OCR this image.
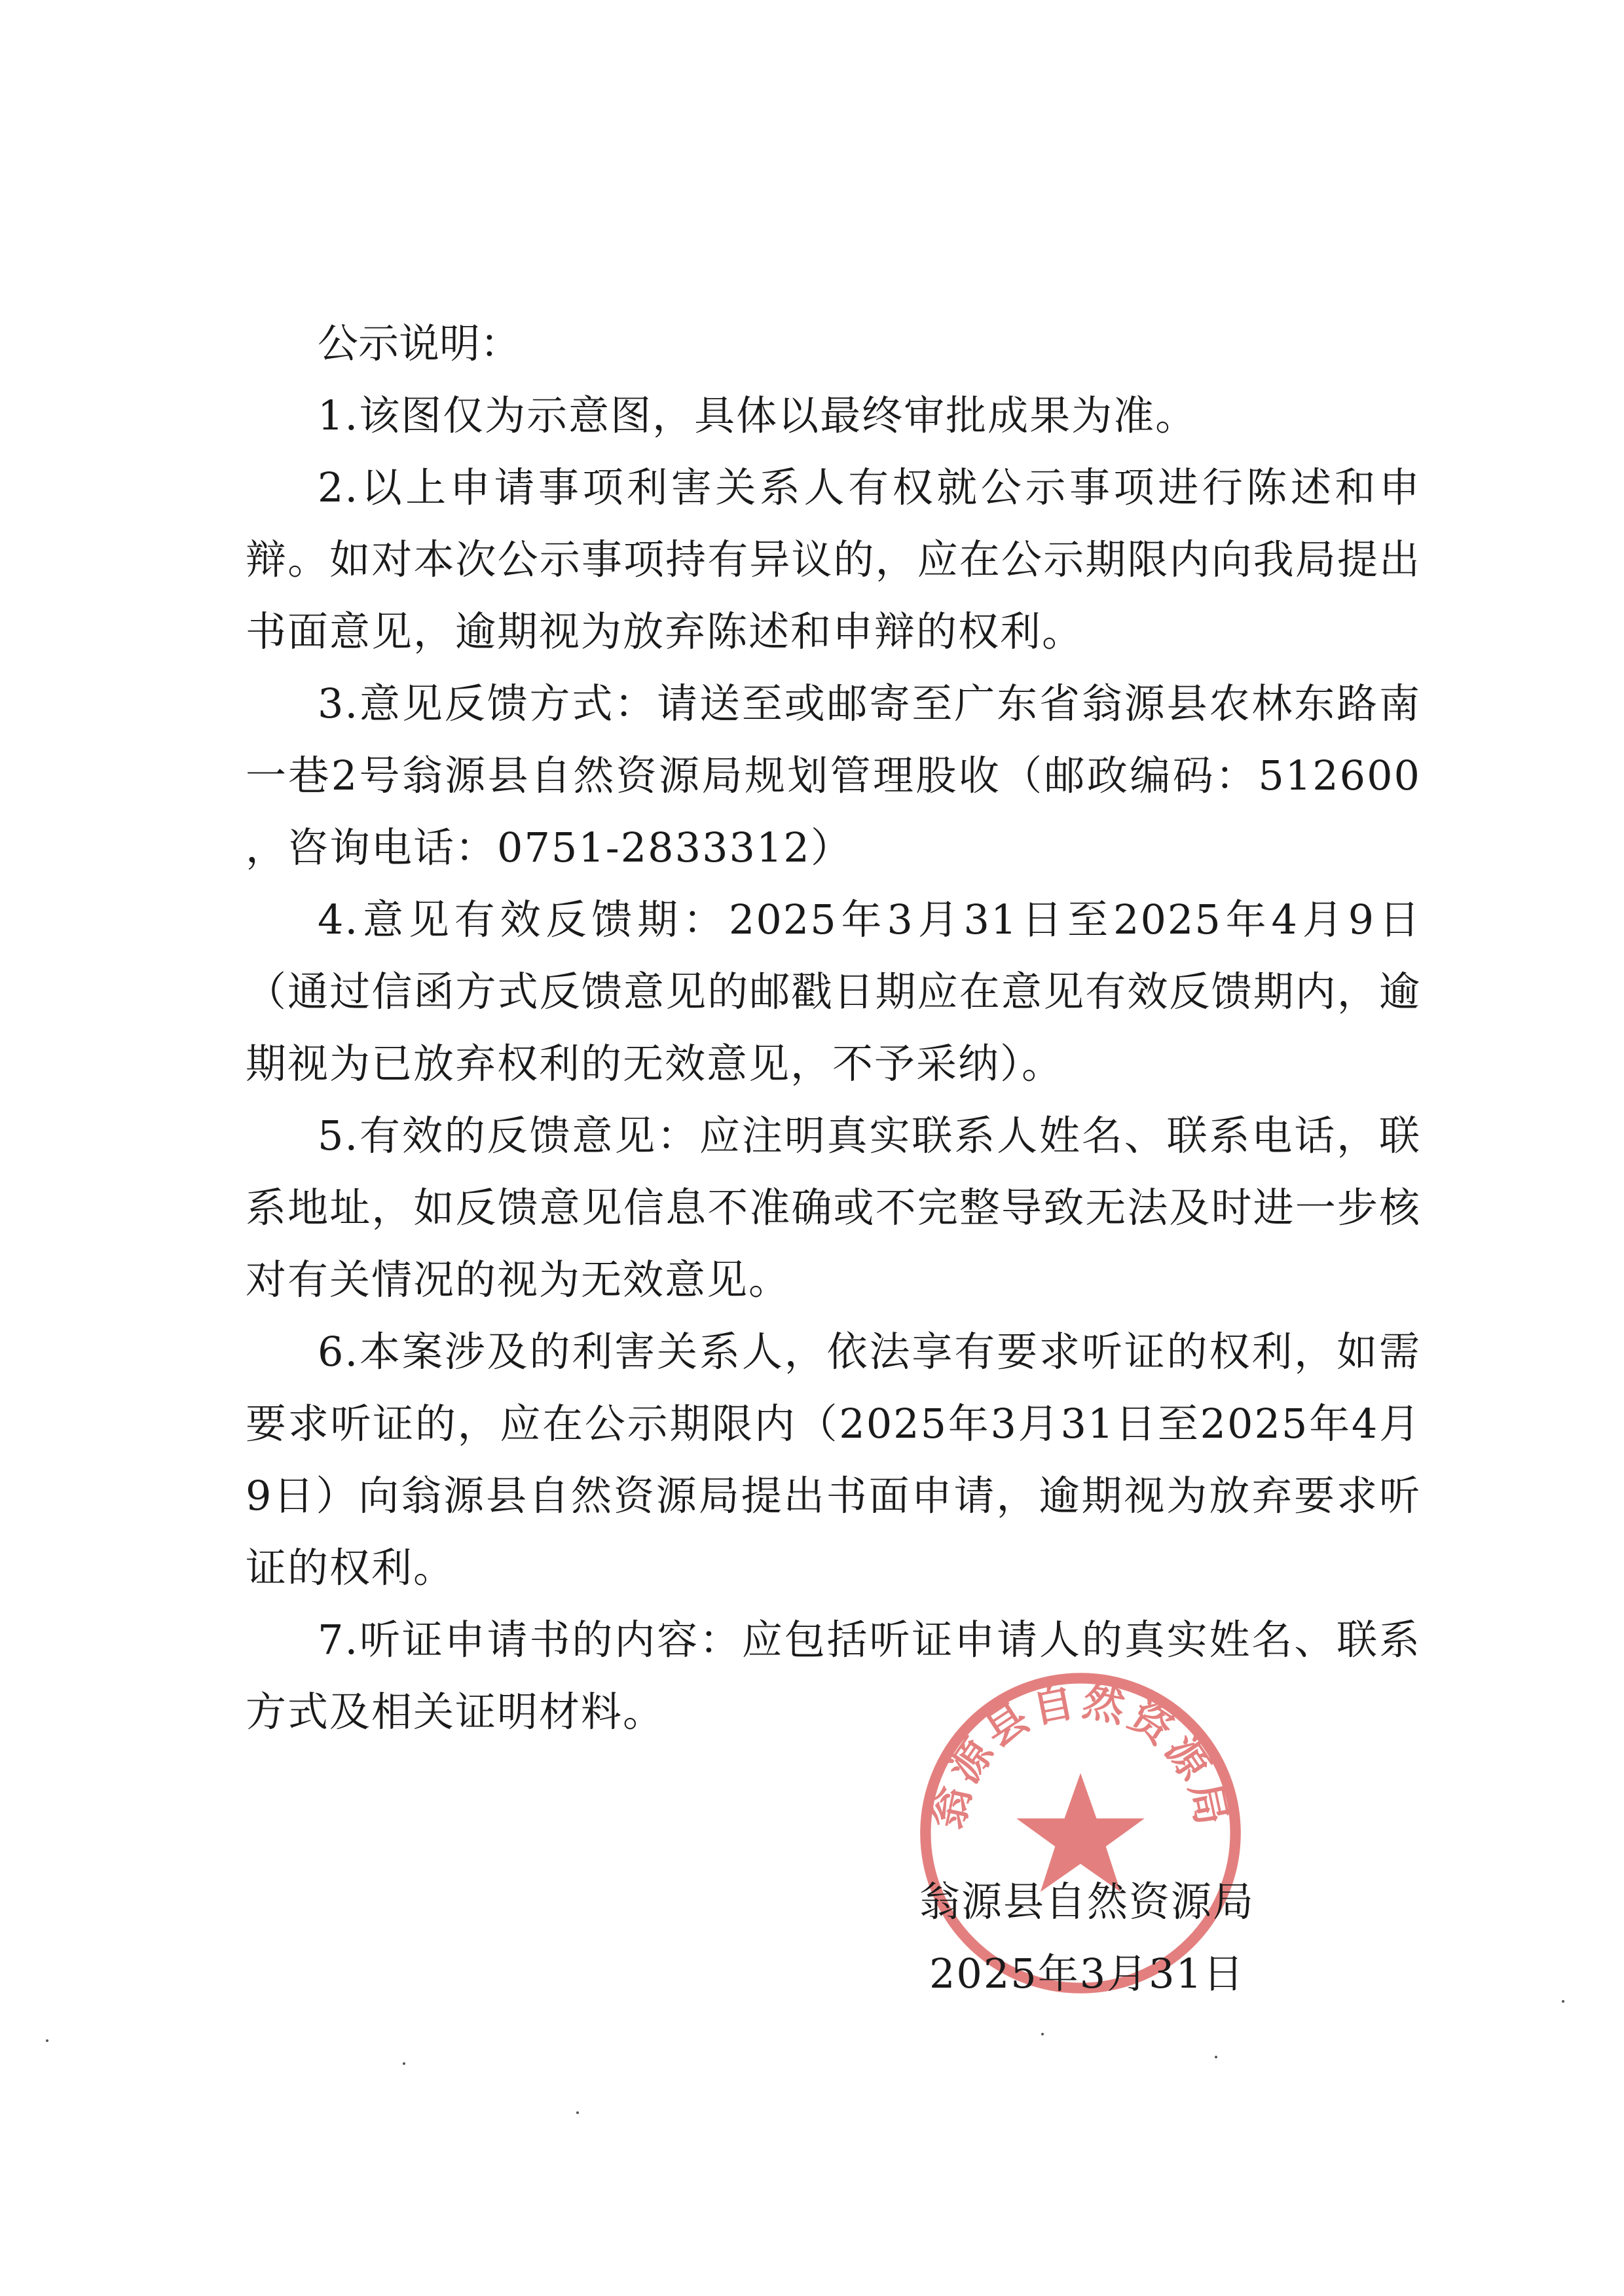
公示说明：

1.该图仅为示意图，具体以最终审批成果为准。

2.以上申请事项利害关系人有权就公示事项进行陈述和申辩。如对本次公示事项持有异议的，应在公示期限内向我局提出书面意见，逾期视为放弃陈述和申辩的权利。

3.意见反馈方式：请送至或邮寄至广东省翁源县农林东路南一巷2号翁源县自然资源局规划管理股收（邮政编码：512600 ，咨询电话：0751-2833312）

4.意见有效反馈期：2025年3月31日至2025年4月9日（通过信函方式反馈意见的邮戳日期应在意见有效反馈期内，逾期视为已放弃权利的无效意见，不予采纳）。

5.有效的反馈意见：应注明真实联系人姓名、联系电话，联系地址，如反馈意见信息不准确或不完整导致无法及时进一步核对有关情况的视为无效意见。

6.本案涉及的利害关系人，依法享有要求听证的权利，如需要求听证的，应在公示期限内（2025年3月31日至2025年4月9日）向翁源县自然资源局提出书面申请，逾期视为放弃要求听证的权利。

7.听证申请书的内容：应包括听证申请人的真实姓名、联系方式及相关证明材料。

翁源县自然资源局
翁源县自然资源局
2025年3月31日
